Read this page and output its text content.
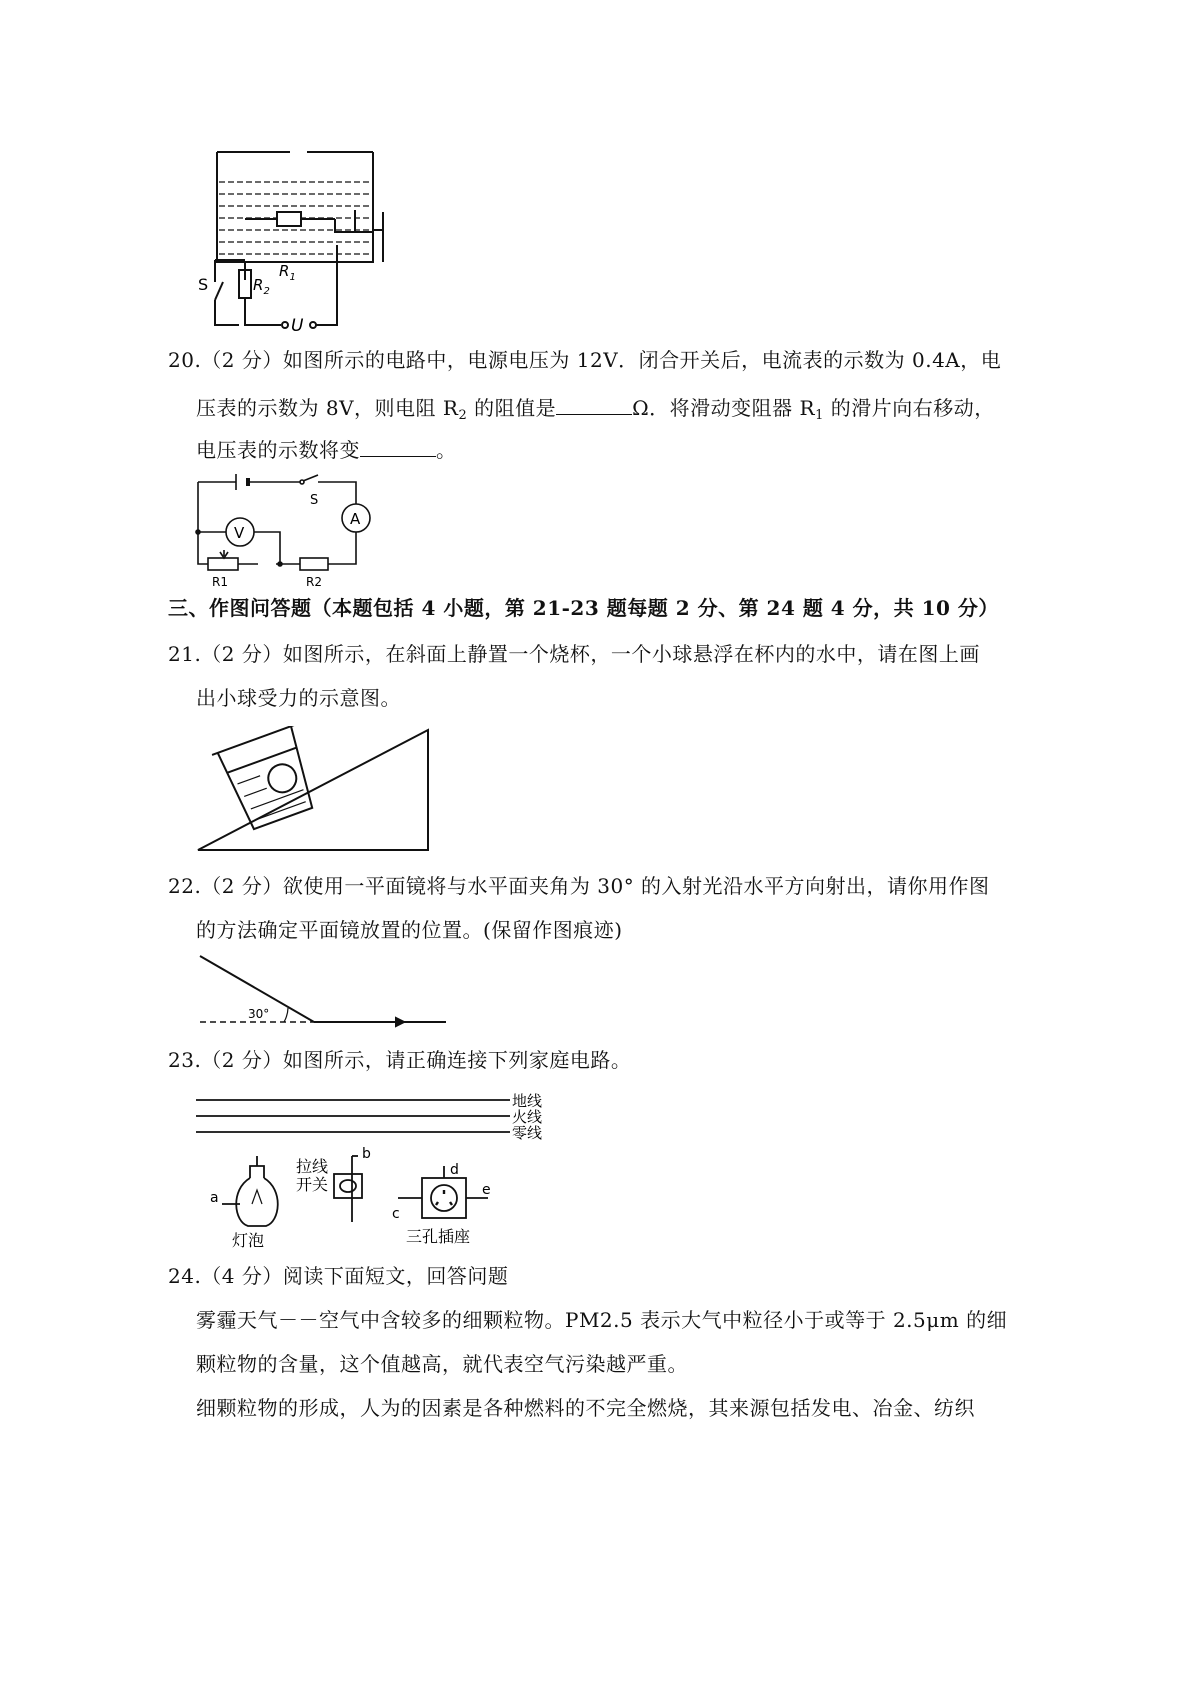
$R_1$
$R_2$
S
U
20.（2 分）如图所示的电路中，电源电压为 12V．闭合开关后，电流表的示数为 0.4A，电
压表的示数为 8V，则电阻 $R_2$ 的阻值是	Ω．将滑动变阻器 $R_1$ 的滑片向右移动，
电压表的示数将变	。
S
A
V
R1	R2
三、作图问答题（本题包括 4 小题，第 21-23 题每题 2 分、第 24 题 4 分，共 10 分）
21.（2 分）如图所示，在斜面上静置一个烧杯，一个小球悬浮在杯内的水中，请在图上画
出小球受力的示意图。
22.（2 分）欲使用一平面镜将与水平面夹角为 30° 的入射光沿水平方向射出，请你用作图
的方法确定平面镜放置的位置。(保留作图痕迹)
30°
23.（2 分）如图所示，请正确连接下列家庭电路。
地线
火线
零线
灯泡
拉线
开关
三孔插座
a
b
c
d
e
24.（4 分）阅读下面短文，回答问题
雾霾天气－－空气中含较多的细颗粒物。PM2.5 表示大气中粒径小于或等于 2.5μm 的细
颗粒物的含量，这个值越高，就代表空气污染越严重。
细颗粒物的形成，人为的因素是各种燃料的不完全燃烧，其来源包括发电、冶金、纺织
